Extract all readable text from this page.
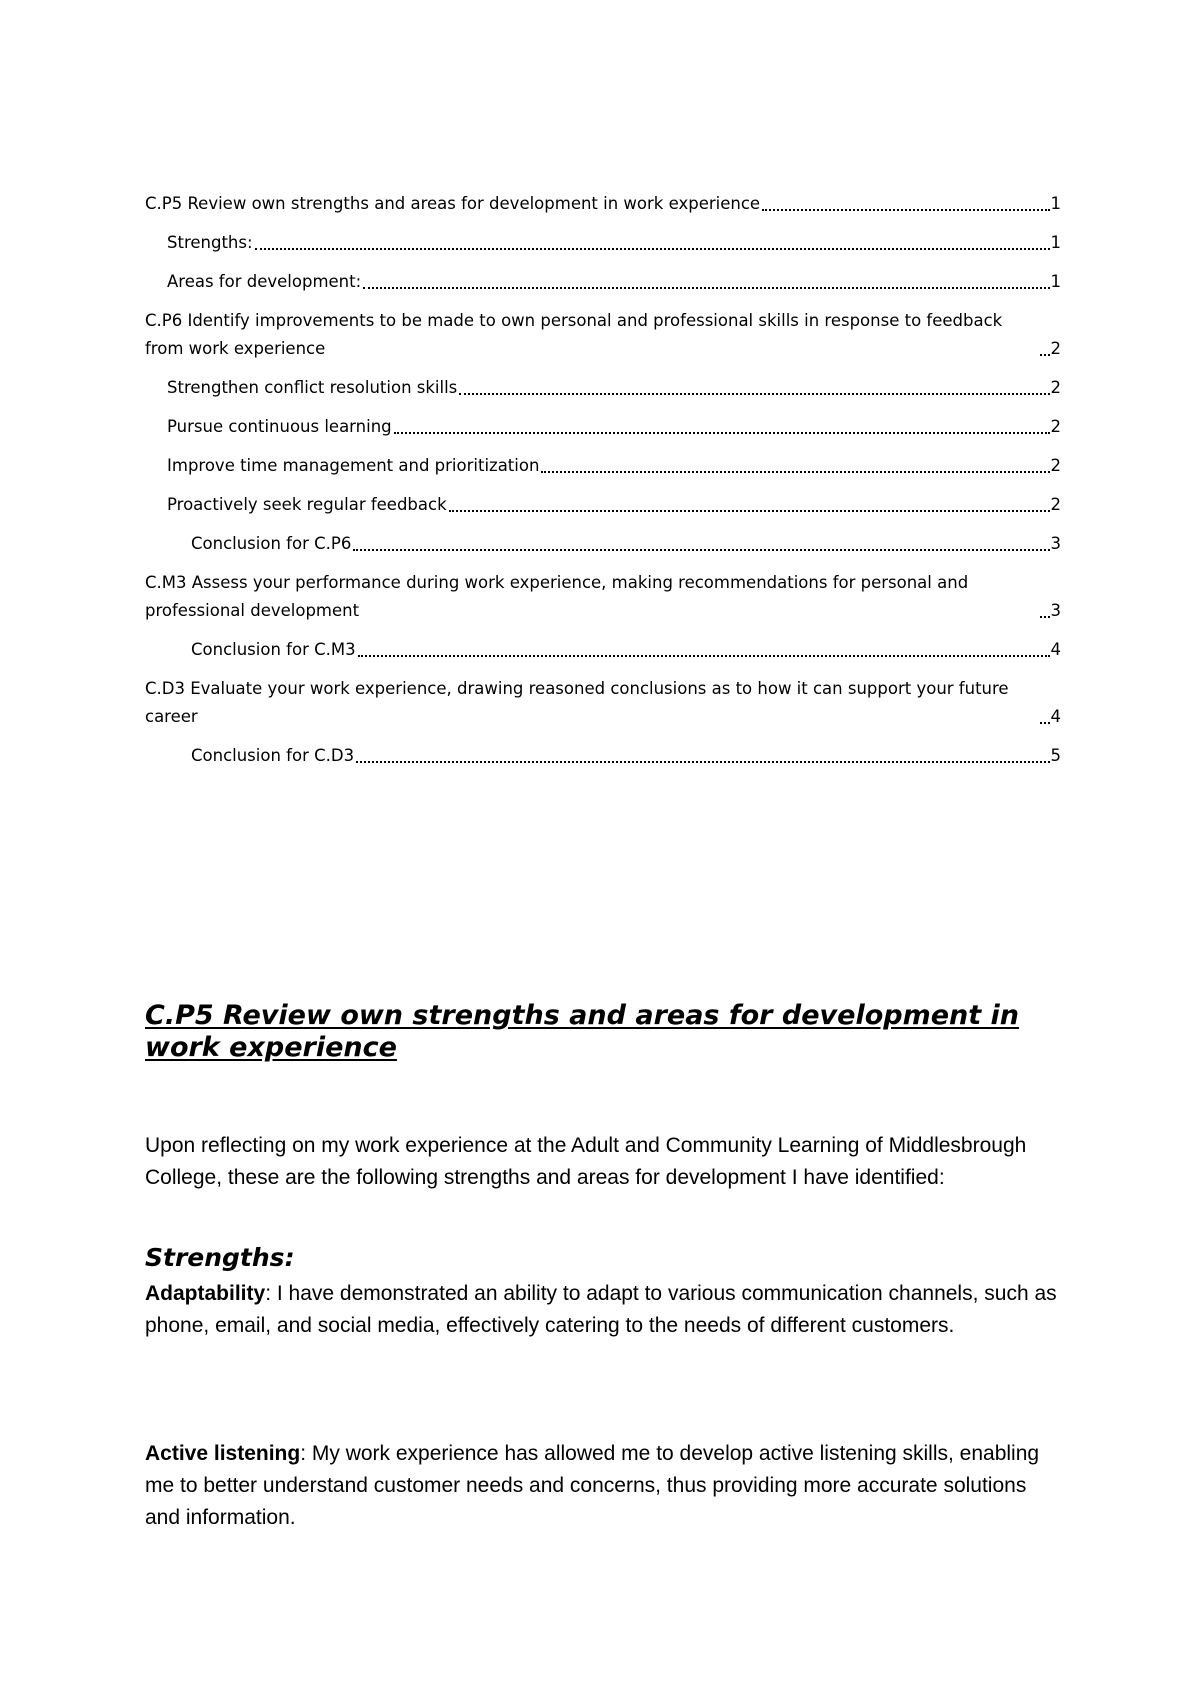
C.P5 Review own strengths and areas for development in work experience	1
Strengths:	1
Areas for development:	1
C.P6 Identify improvements to be made to own personal and professional skills in response to feedback from work experience	2
Strengthen conflict resolution skills	2
Pursue continuous learning	2
Improve time management and prioritization	2
Proactively seek regular feedback	2
Conclusion for C.P6	3
C.M3 Assess your performance during work experience, making recommendations for personal and professional development	3
Conclusion for C.M3	4
C.D3 Evaluate your work experience, drawing reasoned conclusions as to how it can support your future career	4
Conclusion for C.D3	5
C.P5 Review own strengths and areas for development in work experience

Upon reflecting on my work experience at the Adult and Community Learning of Middlesbrough College, these are the following strengths and areas for development I have identified:

Strengths:

Adaptability: I have demonstrated an ability to adapt to various communication channels, such as phone, email, and social media, effectively catering to the needs of different customers.

Active listening: My work experience has allowed me to develop active listening skills, enabling me to better understand customer needs and concerns, thus providing more accurate solutions and information.
